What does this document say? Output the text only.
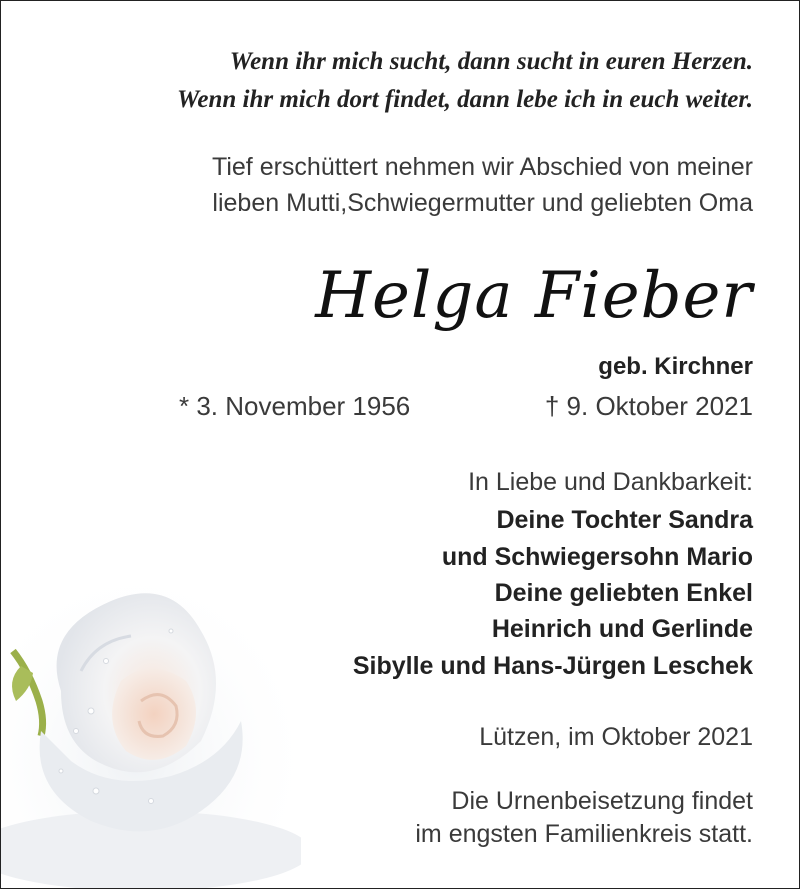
Wenn ihr mich sucht, dann sucht in euren Herzen.
Wenn ihr mich dort findet, dann lebe ich in euch weiter.
Tief erschüttert nehmen wir Abschied von meiner
lieben Mutti,Schwiegermutter und geliebten Oma
Helga Fieber
geb. Kirchner
* 3. November 1956	† 9. Oktober 2021
In Liebe und Dankbarkeit:
Deine Tochter Sandra
und Schwiegersohn Mario
Deine geliebten Enkel
Heinrich und Gerlinde
Sibylle und Hans-Jürgen Leschek
Lützen, im Oktober 2021
Die Urnenbeisetzung findet
im engsten Familienkreis statt.
